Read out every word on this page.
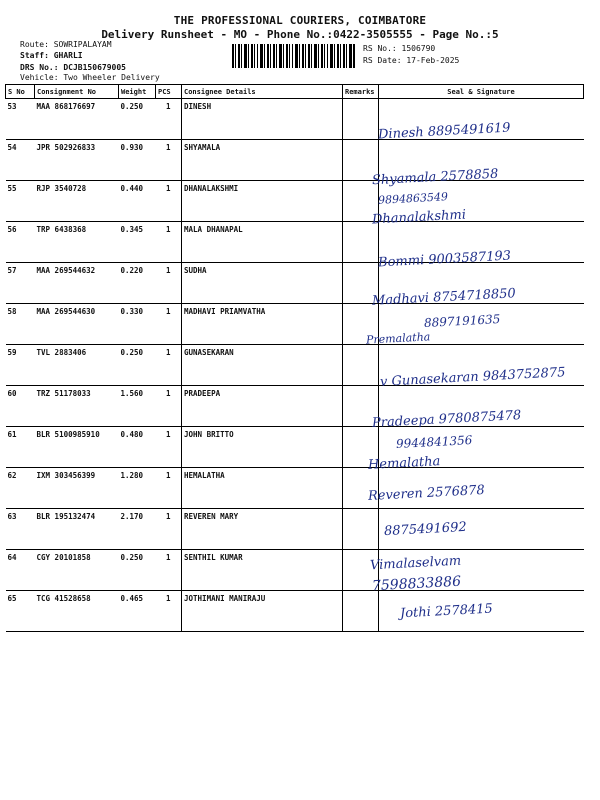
THE PROFESSIONAL COURIERS, COIMBATORE
Delivery Runsheet - MO - Phone No.:0422-3505555 - Page No.:5
Route: SOWRIPALAYAM
Staff: GHARLI
DRS No.: DCJB150679005
Vehicle: Two Wheeler Delivery
RS No.: 1506790
RS Date: 17-Feb-2025
S No	Consignment No	Weight	PCS	Consignee Details	Remarks	Seal & Signature
53	MAA 868176697	0.250	1	DINESH		
54	JPR 502926833	0.930	1	SHYAMALA		
55	RJP 3540728	0.440	1	DHANALAKSHMI		
56	TRP 6438368	0.345	1	MALA DHANAPAL		
57	MAA 269544632	0.220	1	SUDHA		
58	MAA 269544630	0.330	1	MADHAVI PRIAMVATHA		
59	TVL 2883406	0.250	1	GUNASEKARAN		
60	TRZ 51178033	1.560	1	PRADEEPA		
61	BLR 5100985910	0.480	1	JOHN BRITTO		
62	IXM 303456399	1.280	1	HEMALATHA		
63	BLR 195132474	2.170	1	REVEREN MARY		
64	CGY 20101858	0.250	1	SENTHIL KUMAR		
65	TCG 41528658	0.465	1	JOTHIMANI MANIRAJU		
Dinesh 8895491619
Shyamala 2578858
9894863549
Dhanalakshmi
Bommi 9003587193
Madhavi 8754718850
8897191635
Premalatha
v Gunasekaran 9843752875
Pradeepa 9780875478
9944841356
Hemalatha
Reveren 2576878
8875491692
Vimalaselvam
7598833886
Jothi 2578415
